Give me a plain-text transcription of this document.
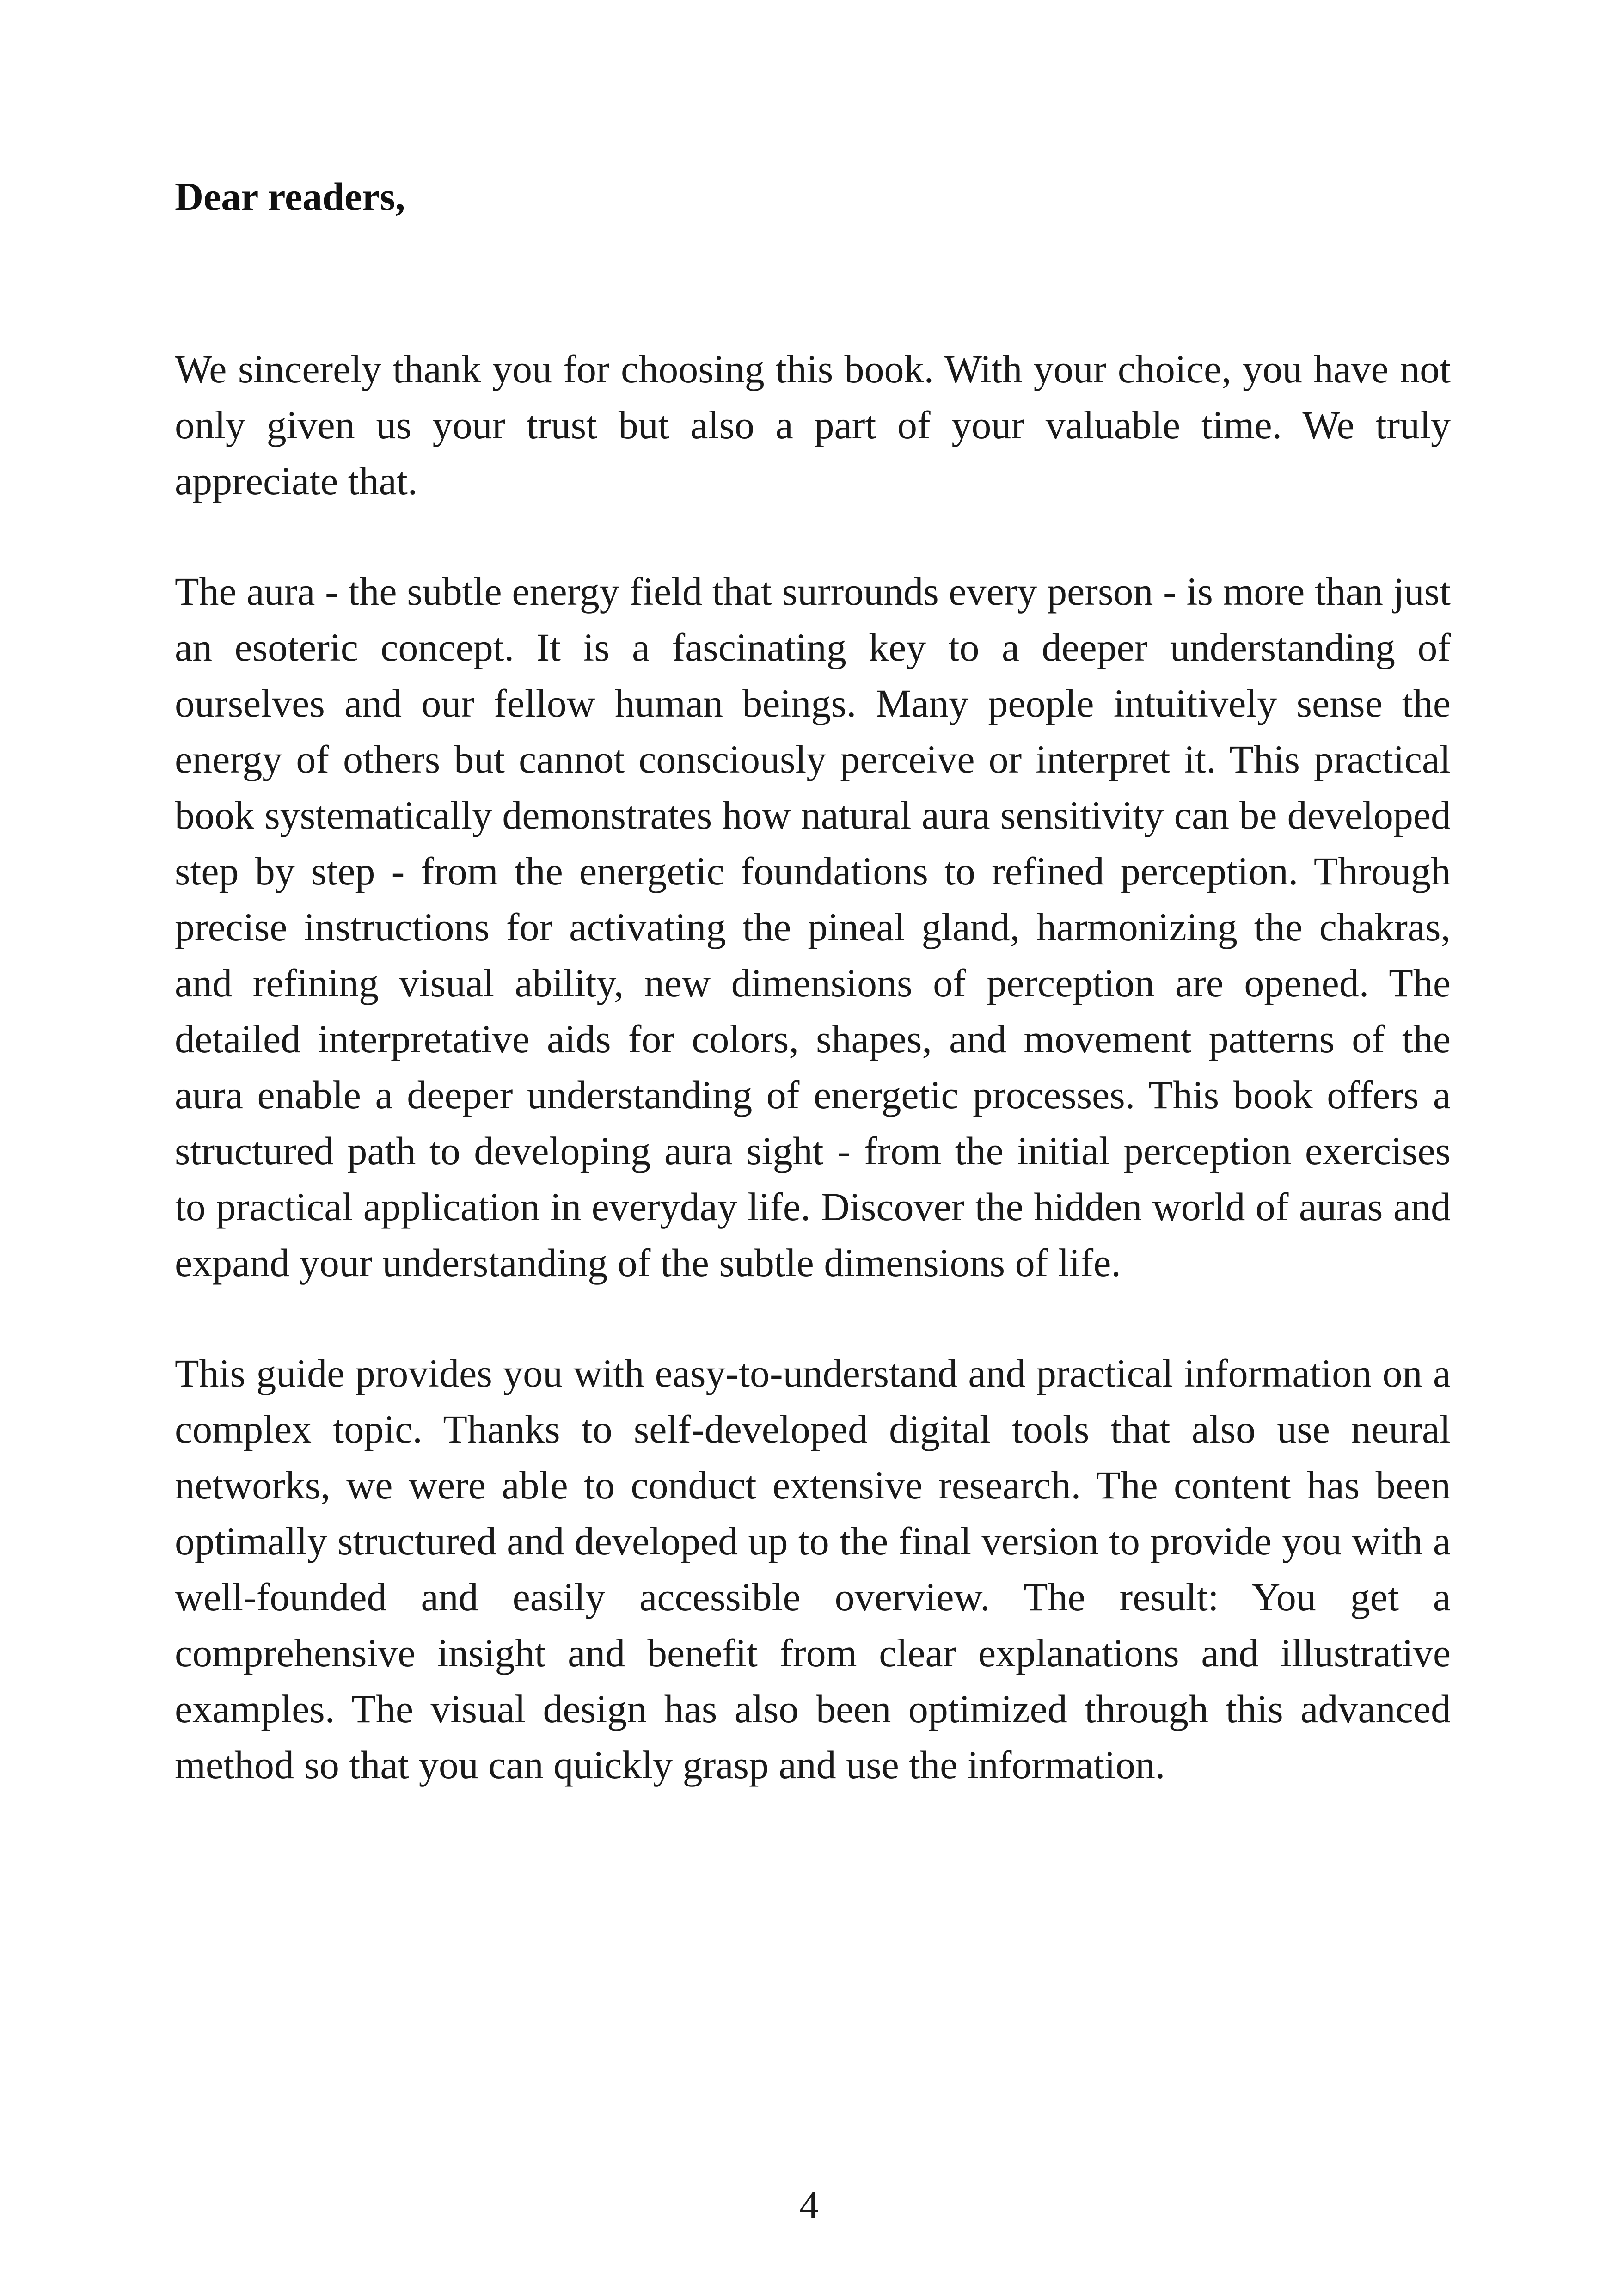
Dear readers,

We sincerely thank you for choosing this book. With your choice, you have not only given us your trust but also a part of your valuable time. We truly appreciate that.

The aura - the subtle energy field that surrounds every person - is more than just an esoteric concept. It is a fascinating key to a deeper understanding of ourselves and our fellow human beings. Many people intuitively sense the energy of others but cannot consciously perceive or interpret it. This practical book systematically demonstrates how natural aura sensitivity can be developed step by step - from the energetic foundations to refined perception. Through precise instructions for activating the pineal gland, harmonizing the chakras, and refining visual ability, new dimensions of perception are opened. The detailed interpretative aids for colors, shapes, and movement patterns of the aura enable a deeper understanding of energetic processes. This book offers a structured path to developing aura sight - from the initial perception exercises to practical application in everyday life. Discover the hidden world of auras and expand your understanding of the subtle dimensions of life.

This guide provides you with easy-to-understand and practical information on a complex topic. Thanks to self-developed digital tools that also use neural networks, we were able to conduct extensive research. The content has been optimally structured and developed up to the final version to provide you with a well-founded and easily accessible overview. The result: You get a comprehensive insight and benefit from clear explanations and illustrative examples. The visual design has also been optimized through this advanced method so that you can quickly grasp and use the information.

4
